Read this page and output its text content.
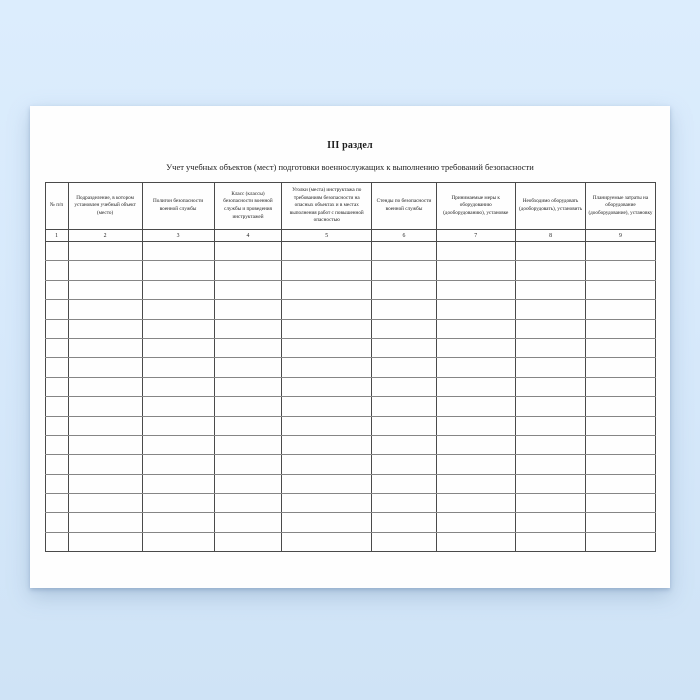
III раздел
Учет учебных объектов (мест) подготовки военнослужащих к выполнению требований безопасности
№ п/п	Подразделение, в котором установлен учебный объект (место)	Полигон безопасности военной службы	Класс (классы) безопасности военной службы и проведения инструктажей	Уголки (места) инструктажа по требованиям безопасности на опасных объектах и в местах выполнения работ с повышенной опасностью	Стенды по безопасности военной службы	Принимаемые меры к оборудованию (дооборудованию), установке	Необходимо оборудовать (дооборудовать), установить	Планируемые затраты на оборудование (дооборудование), установку
1	2	3	4	5	6	7	8	9
